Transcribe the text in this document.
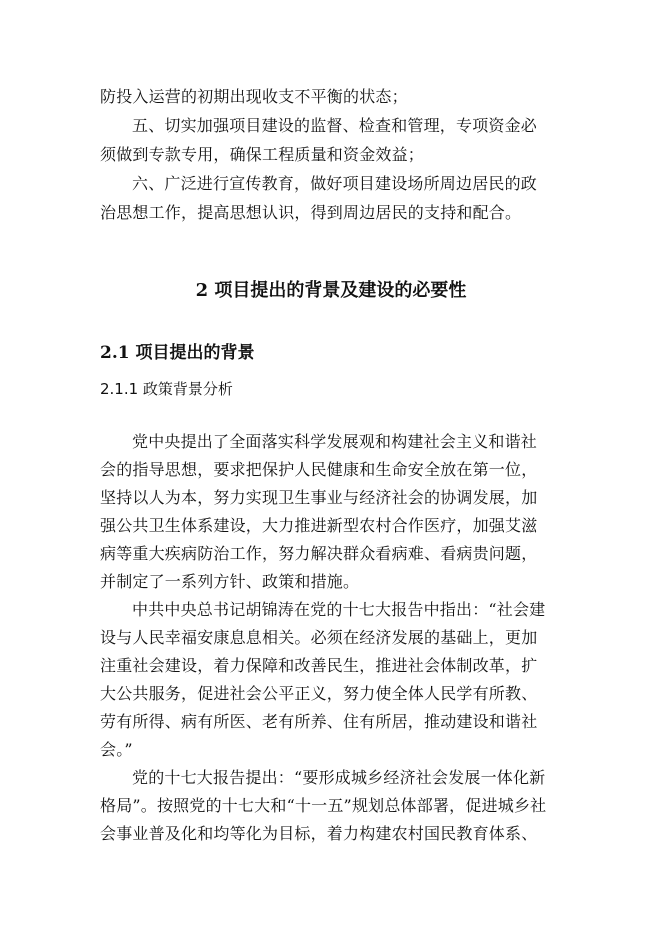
防投入运营的初期出现收支不平衡的状态；
五、切实加强项目建设的监督、检查和管理，专项资金必
须做到专款专用，确保工程质量和资金效益；
六、广泛进行宣传教育，做好项目建设场所周边居民的政
治思想工作，提高思想认识，得到周边居民的支持和配合。
2 项目提出的背景及建设的必要性
2.1 项目提出的背景
2.1.1 政策背景分析
党中央提出了全面落实科学发展观和构建社会主义和谐社
会的指导思想，要求把保护人民健康和生命安全放在第一位，
坚持以人为本，努力实现卫生事业与经济社会的协调发展，加
强公共卫生体系建设，大力推进新型农村合作医疗，加强艾滋
病等重大疾病防治工作，努力解决群众看病难、看病贵问题，
并制定了一系列方针、政策和措施。
中共中央总书记胡锦涛在党的十七大报告中指出：“社会建
设与人民幸福安康息息相关。必须在经济发展的基础上，更加
注重社会建设，着力保障和改善民生，推进社会体制改革，扩
大公共服务，促进社会公平正义，努力使全体人民学有所教、
劳有所得、病有所医、老有所养、住有所居，推动建设和谐社
会。”
党的十七大报告提出：“要形成城乡经济社会发展一体化新
格局”。按照党的十七大和“十一五”规划总体部署，促进城乡社
会事业普及化和均等化为目标，着力构建农村国民教育体系、
